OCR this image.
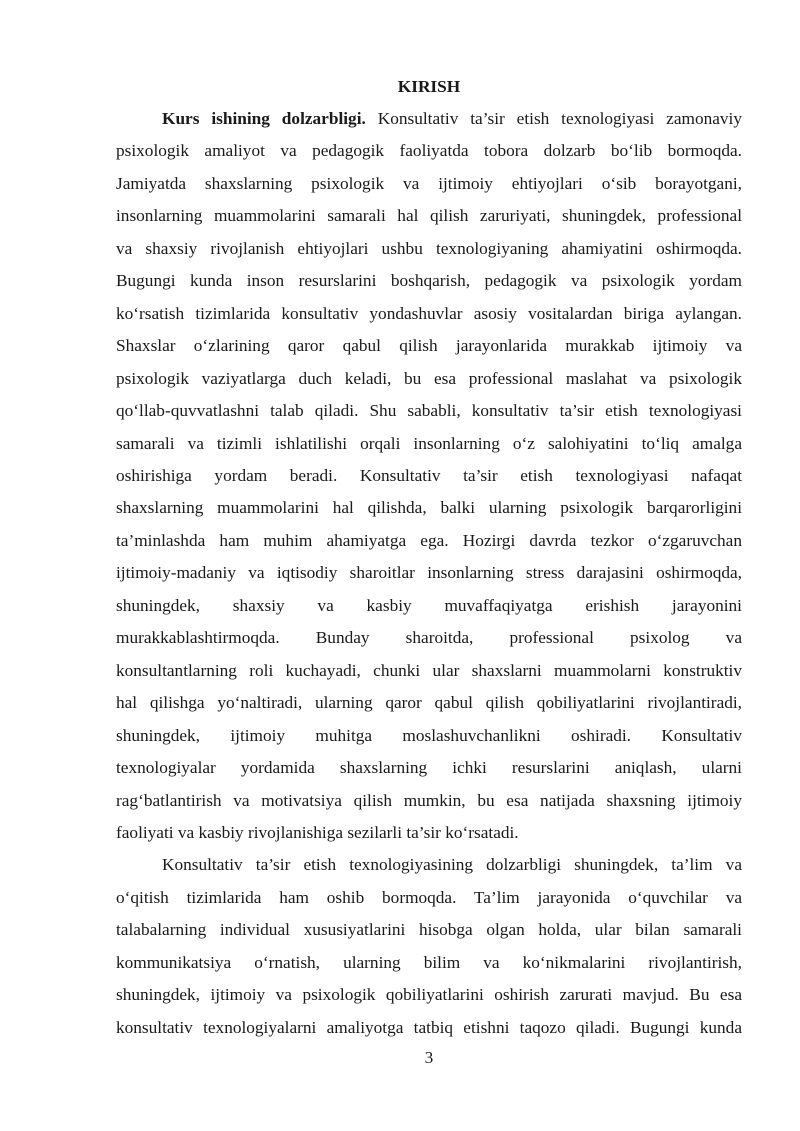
KIRISH
Kurs ishining dolzarbligi. Konsultativ ta’sir etish texnologiyasi zamonaviy
psixologik amaliyot va pedagogik faoliyatda tobora dolzarb bo‘lib bormoqda.
Jamiyatda shaxslarning psixologik va ijtimoiy ehtiyojlari o‘sib borayotgani,
insonlarning muammolarini samarali hal qilish zaruriyati, shuningdek, professional
va shaxsiy rivojlanish ehtiyojlari ushbu texnologiyaning ahamiyatini oshirmoqda.
Bugungi kunda inson resurslarini boshqarish, pedagogik va psixologik yordam
ko‘rsatish tizimlarida konsultativ yondashuvlar asosiy vositalardan biriga aylangan.
Shaxslar o‘zlarining qaror qabul qilish jarayonlarida murakkab ijtimoiy va
psixologik vaziyatlarga duch keladi, bu esa professional maslahat va psixologik
qo‘llab-quvvatlashni talab qiladi. Shu sababli, konsultativ ta’sir etish texnologiyasi
samarali va tizimli ishlatilishi orqali insonlarning o‘z salohiyatini to‘liq amalga
oshirishiga yordam beradi. Konsultativ ta’sir etish texnologiyasi nafaqat
shaxslarning muammolarini hal qilishda, balki ularning psixologik barqarorligini
ta’minlashda ham muhim ahamiyatga ega. Hozirgi davrda tezkor o‘zgaruvchan
ijtimoiy-madaniy va iqtisodiy sharoitlar insonlarning stress darajasini oshirmoqda,
shuningdek, shaxsiy va kasbiy muvaffaqiyatga erishish jarayonini
murakkablashtirmoqda. Bunday sharoitda, professional psixolog va
konsultantlarning roli kuchayadi, chunki ular shaxslarni muammolarni konstruktiv
hal qilishga yo‘naltiradi, ularning qaror qabul qilish qobiliyatlarini rivojlantiradi,
shuningdek, ijtimoiy muhitga moslashuvchanlikni oshiradi. Konsultativ
texnologiyalar yordamida shaxslarning ichki resurslarini aniqlash, ularni
rag‘batlantirish va motivatsiya qilish mumkin, bu esa natijada shaxsning ijtimoiy
faoliyati va kasbiy rivojlanishiga sezilarli ta’sir ko‘rsatadi.
Konsultativ ta’sir etish texnologiyasining dolzarbligi shuningdek, ta’lim va
o‘qitish tizimlarida ham oshib bormoqda. Ta’lim jarayonida o‘quvchilar va
talabalarning individual xususiyatlarini hisobga olgan holda, ular bilan samarali
kommunikatsiya o‘rnatish, ularning bilim va ko‘nikmalarini rivojlantirish,
shuningdek, ijtimoiy va psixologik qobiliyatlarini oshirish zarurati mavjud. Bu esa
konsultativ texnologiyalarni amaliyotga tatbiq etishni taqozo qiladi. Bugungi kunda
3
